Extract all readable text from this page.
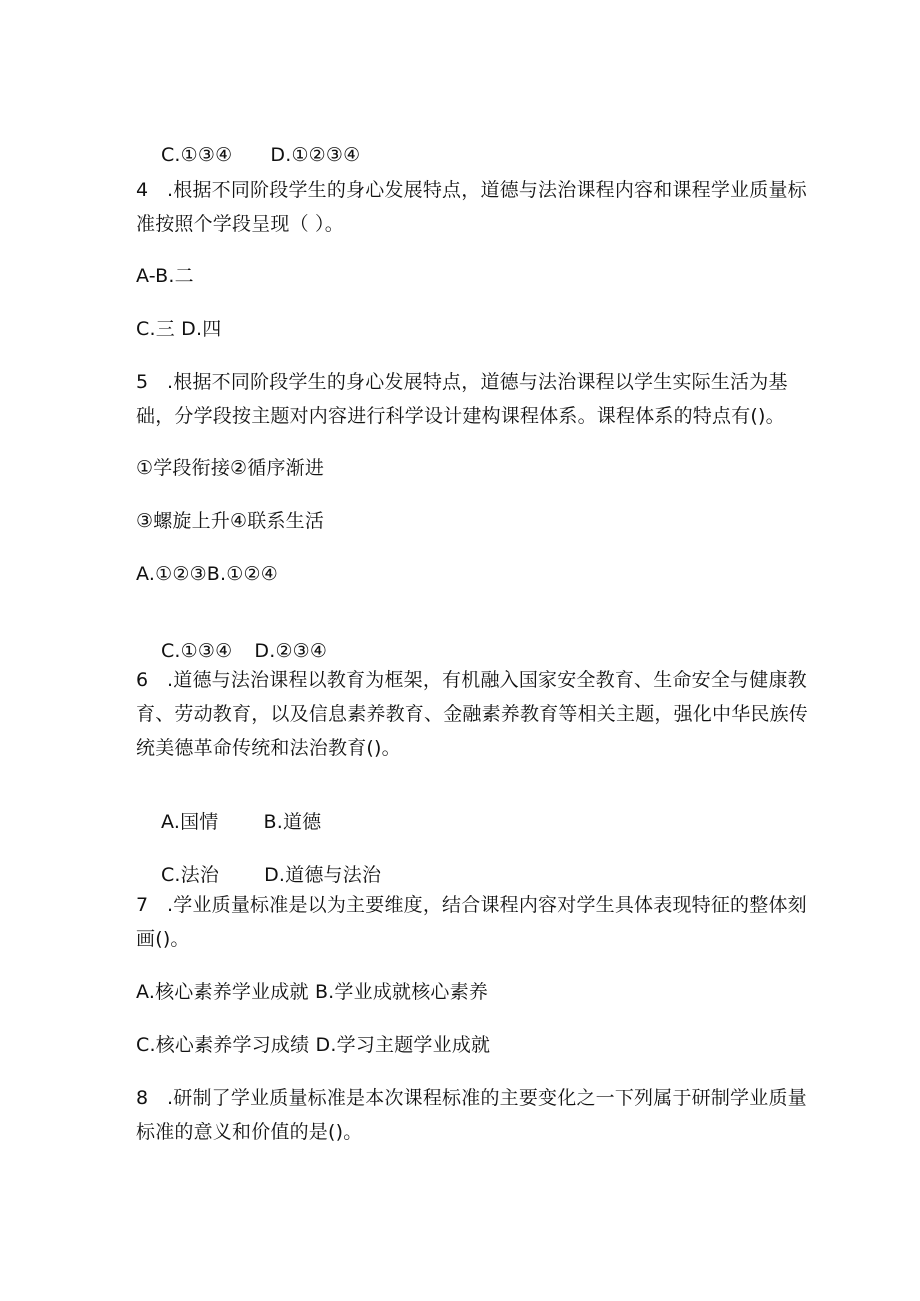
C.①③④ D.①②③④

4   .根据不同阶段学生的身心发展特点，道德与法治课程内容和课程学业质量标
准按照个学段呈现（ ）。
A-B.二
C.三 D.四
5   .根据不同阶段学生的身心发展特点，道德与法治课程以学生实际生活为基
础，分学段按主题对内容进行科学设计建构课程体系。课程体系的特点有()。
①学段衔接②循序渐进
③螺旋上升④联系生活
A.①②③B.①②④

C.①③④ D.②③④

6   .道德与法治课程以教育为框架，有机融入国家安全教育、生命安全与健康教
育、劳动教育，以及信息素养教育、金融素养教育等相关主题，强化中华民族传
统美德革命传统和法治教育()。

A.国情 B.道德

C.法治 D.道德与法治

7   .学业质量标准是以为主要维度，结合课程内容对学生具体表现特征的整体刻
画()。
A.核心素养学业成就 B.学业成就核心素养
C.核心素养学习成绩 D.学习主题学业成就
8   .研制了学业质量标准是本次课程标准的主要变化之一下列属于研制学业质量
标准的意义和价值的是()。
